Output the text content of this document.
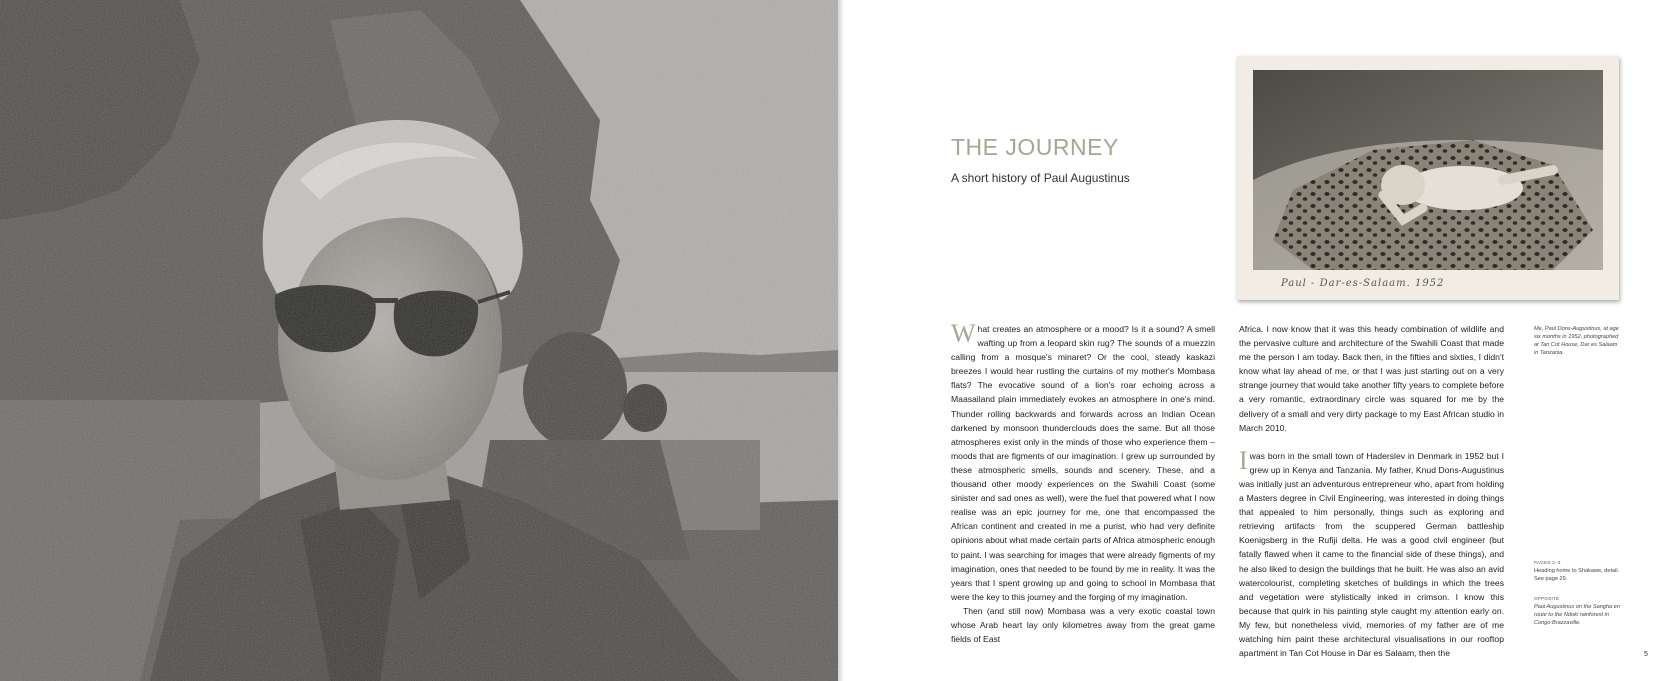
THE JOURNEY
A short history of Paul Augustinus
Paul - Dar-es-Salaam. 1952

What creates an atmosphere or a mood? Is it a sound? A smell wafting up from a leopard skin rug? The sounds of a muezzin calling from a mosque's minaret? Or the cool, steady kaskazi breezes I would hear rustling the curtains of my mother's Mombasa flats? The evocative sound of a lion's roar echoing across a Maasailand plain immediately evokes an atmosphere in one's mind. Thunder rolling backwards and forwards across an Indian Ocean darkened by monsoon thunderclouds does the same. But all those atmospheres exist only in the minds of those who experience them – moods that are figments of our imagination. I grew up surrounded by these atmospheric smells, sounds and scenery. These, and a thousand other moody experiences on the Swahili Coast (some sinister and sad ones as well), were the fuel that powered what I now realise was an epic journey for me, one that encompassed the African continent and created in me a purist, who had very definite opinions about what made certain parts of Africa atmospheric enough to paint. I was searching for images that were already figments of my imagination, ones that needed to be found by me in reality. It was the years that I spent growing up and going to school in Mombasa that were the key to this journey and the forging of my imagination.

Then (and still now) Mombasa was a very exotic coastal town whose Arab heart lay only kilometres away from the great game fields of East

Africa. I now know that it was this heady combination of wildlife and the pervasive culture and architecture of the Swahili Coast that made me the person I am today. Back then, in the fifties and sixties, I didn't know what lay ahead of me, or that I was just starting out on a very strange journey that would take another fifty years to complete before a very romantic, extraordinary circle was squared for me by the delivery of a small and very dirty package to my East African studio in March 2010.

I was born in the small town of Haderslev in Denmark in 1952 but I grew up in Kenya and Tanzania. My father, Knud Dons-Augustinus was initially just an adventurous entrepreneur who, apart from holding a Masters degree in Civil Engineering, was interested in doing things that appealed to him personally, things such as exploring and retrieving artifacts from the scuppered German battleship Koenigsberg in the Rufiji delta. He was a good civil engineer (but fatally flawed when it came to the financial side of these things), and he also liked to design the buildings that he built. He was also an avid watercolourist, completing sketches of buildings in which the trees and vegetation were stylistically inked in crimson. I know this because that quirk in his painting style caught my attention early on. My few, but nonetheless vivid, memories of my father are of me watching him paint these architectural visualisations in our rooftop apartment in Tan Cot House in Dar es Salaam, then the

Me, Paul Dons-Augustinus, at age six months in 1952, photographed at Tan Cot House, Dar es Salaam in Tanzania.
PAGES 2–3
Heading home to Shakawe, detail. See page 29.
OPPOSITE
Paul Augustinus on the Sangha en route to the Ndoki rainforest in Congo Brazzaville.
5
